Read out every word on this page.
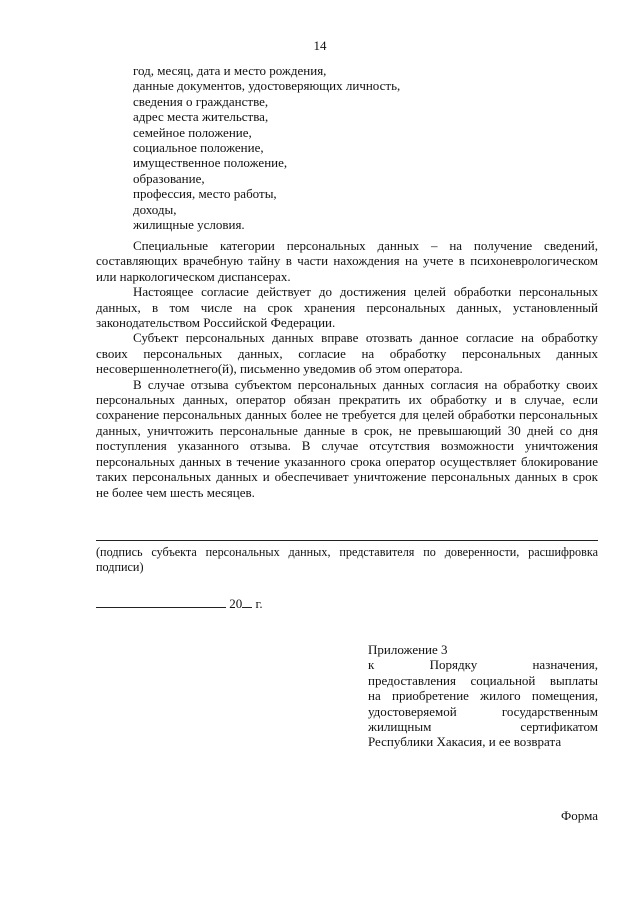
14
год, месяц, дата и место рождения,
данные документов, удостоверяющих личность,
сведения о гражданстве,
адрес места жительства,
семейное положение,
социальное положение,
имущественное положение,
образование,
профессия, место работы,
доходы,
жилищные условия.
Специальные категории персональных данных – на получение сведений, составляющих врачебную тайну в части нахождения на учете в психоневрологическом или наркологическом диспансерах.
Настоящее согласие действует до достижения целей обработки персональных данных, в том числе на срок хранения персональных данных, установленный законодательством Российской Федерации.
Субъект персональных данных вправе отозвать данное согласие на обработку своих персональных данных, согласие на обработку персональных данных несовершеннолетнего(й), письменно уведомив об этом оператора.
В случае отзыва субъектом персональных данных согласия на обработку своих персональных данных, оператор обязан прекратить их обработку и в случае, если сохранение персональных данных более не требуется для целей обработки персональных данных, уничтожить персональные данные в срок, не превышающий 30 дней со дня поступления указанного отзыва. В случае отсутствия возможности уничтожения персональных данных в течение указанного срока оператор осуществляет блокирование таких персональных данных и обеспечивает уничтожение персональных данных в срок не более чем шесть месяцев.
(подпись субъекта персональных данных, представителя по доверенности, расшифровка подписи)
20 г.
Приложение 3
к Порядку назначения,
предоставления социальной выплаты
на приобретение жилого помещения,
удостоверяемой государственным
жилищным сертификатом
Республики Хакасия, и ее возврата
Форма
